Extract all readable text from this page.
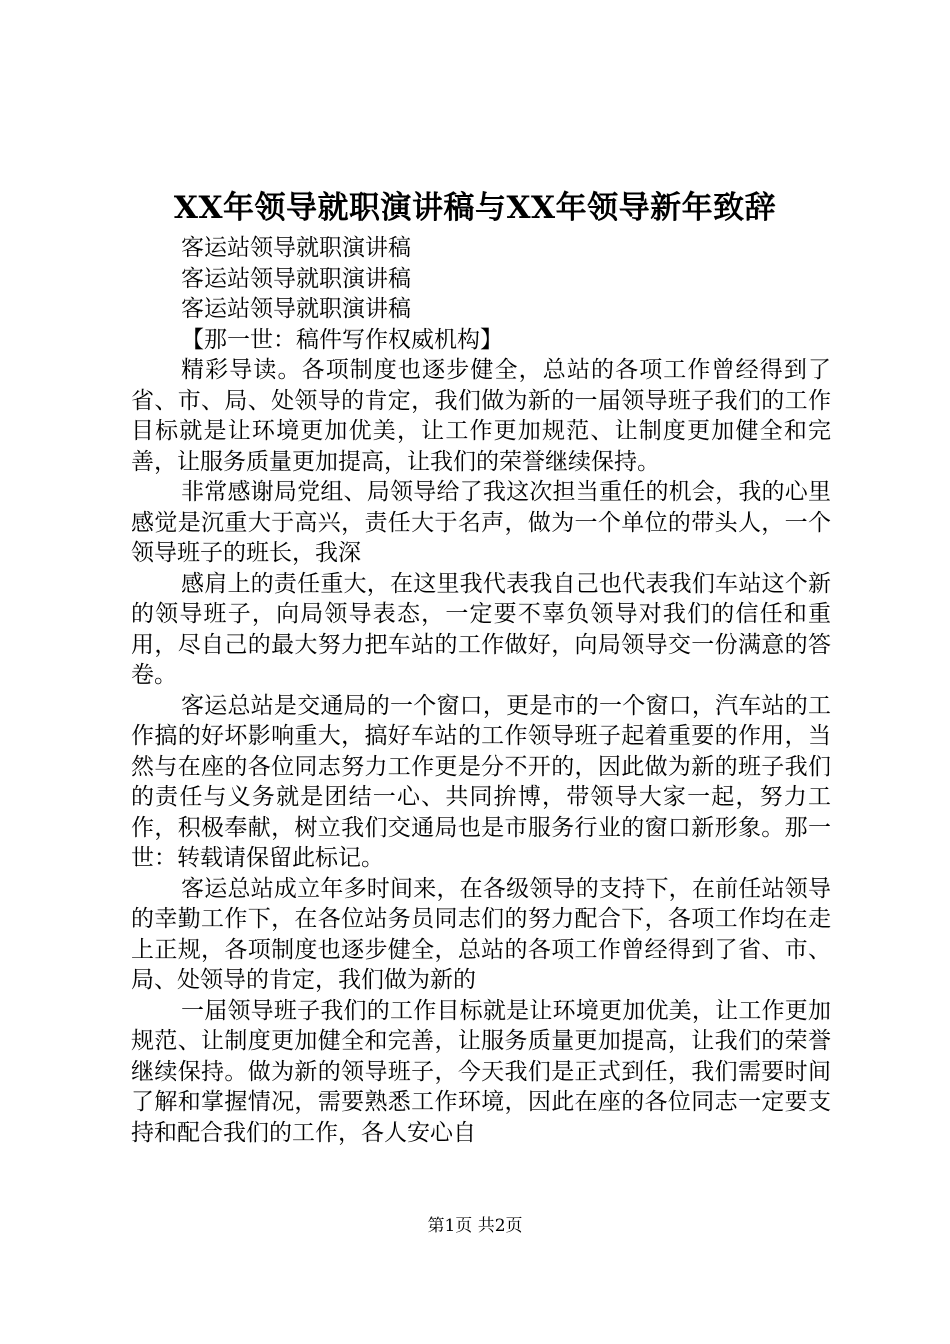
XX年领导就职演讲稿与XX年领导新年致辞
客运站领导就职演讲稿
客运站领导就职演讲稿
客运站领导就职演讲稿
【那一世：稿件写作权威机构】

精彩导读。各项制度也逐步健全，总站的各项工作曾经得到了省、市、局、处领导的肯定，我们做为新的一届领导班子我们的工作目标就是让环境更加优美，让工作更加规范、让制度更加健全和完善，让服务质量更加提高，让我们的荣誉继续保持。

非常感谢局党组、局领导给了我这次担当重任的机会，我的心里感觉是沉重大于高兴，责任大于名声，做为一个单位的带头人，一个领导班子的班长，我深

感肩上的责任重大，在这里我代表我自己也代表我们车站这个新的领导班子，向局领导表态，一定要不辜负领导对我们的信任和重用，尽自己的最大努力把车站的工作做好，向局领导交一份满意的答卷。

客运总站是交通局的一个窗口，更是市的一个窗口，汽车站的工作搞的好坏影响重大，搞好车站的工作领导班子起着重要的作用，当然与在座的各位同志努力工作更是分不开的，因此做为新的班子我们的责任与义务就是团结一心、共同拚博，带领导大家一起，努力工作，积极奉献，树立我们交通局也是市服务行业的窗口新形象。那一世：转载请保留此标记。

客运总站成立年多时间来，在各级领导的支持下，在前任站领导的幸勤工作下，在各位站务员同志们的努力配合下，各项工作均在走上正规，各项制度也逐步健全，总站的各项工作曾经得到了省、市、局、处领导的肯定，我们做为新的

一届领导班子我们的工作目标就是让环境更加优美，让工作更加规范、让制度更加健全和完善，让服务质量更加提高，让我们的荣誉继续保持。做为新的领导班子，今天我们是正式到任，我们需要时间了解和掌握情况，需要熟悉工作环境，因此在座的各位同志一定要支持和配合我们的工作，各人安心自

第1页 共2页
